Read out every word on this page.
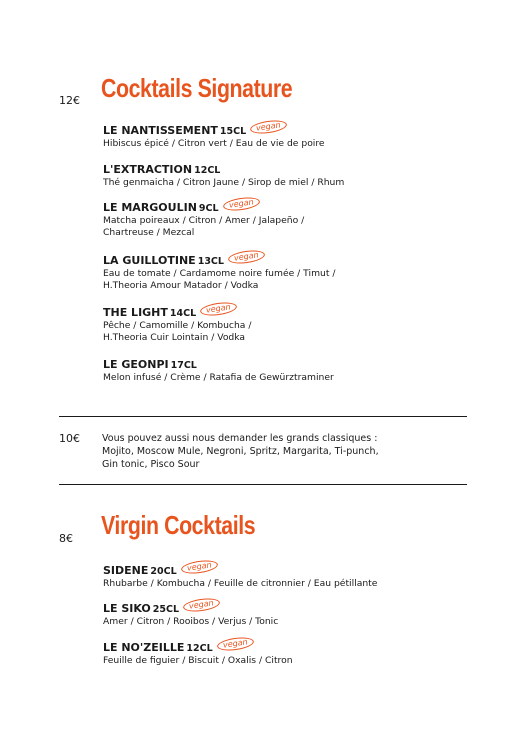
12€ Cocktails Signature
LE NANTISSEMENT 15CL vegan
Hibiscus épicé / Citron vert / Eau de vie de poire
L'EXTRACTION 12CL
Thé genmaicha / Citron Jaune / Sirop de miel / Rhum
LE MARGOULIN 9CL vegan
Matcha poireaux / Citron / Amer / Jalapeño /
Chartreuse / Mezcal
LA GUILLOTINE 13CL vegan
Eau de tomate / Cardamome noire fumée / Timut /
H.Theoria Amour Matador / Vodka
THE LIGHT 14CL vegan
Pêche / Camomille / Kombucha /
H.Theoria Cuir Lointain / Vodka
LE GEONPI 17CL
Melon infusé / Crème / Ratafia de Gewürztraminer
10€ Vous pouvez aussi nous demander les grands classiques :
Mojito, Moscow Mule, Negroni, Spritz, Margarita, Ti-punch,
Gin tonic, Pisco Sour
8€ Virgin Cocktails
SIDENE 20CL vegan
Rhubarbe / Kombucha / Feuille de citronnier / Eau pétillante
LE SIKO 25CL vegan
Amer / Citron / Rooibos / Verjus / Tonic
LE NO'ZEILLE 12CL vegan
Feuille de figuier / Biscuit / Oxalis / Citron
